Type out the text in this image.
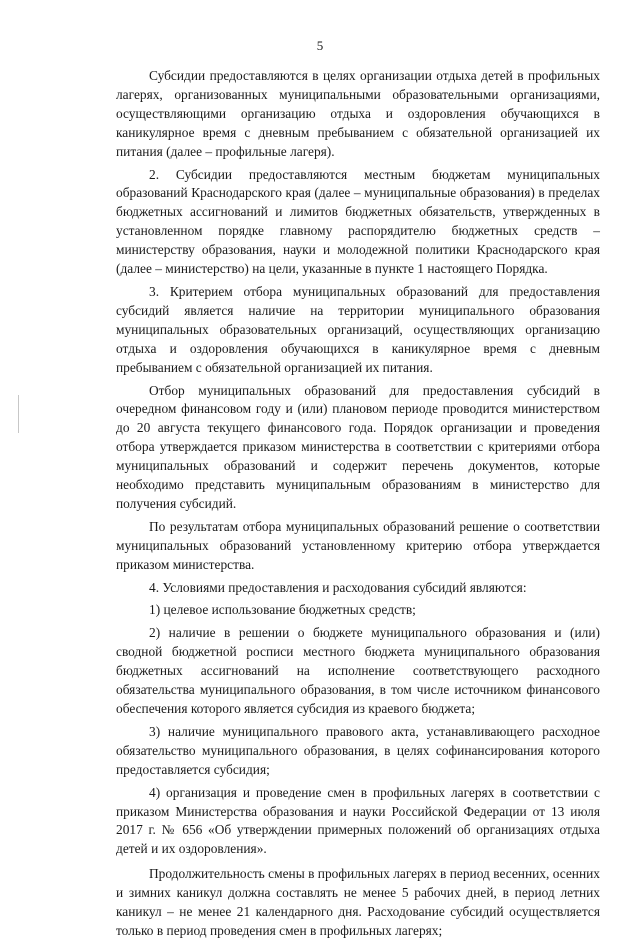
5

Субсидии предоставляются в целях организации отдыха детей в профильных лагерях, организованных муниципальными образовательными организациями, осуществляющими организацию отдыха и оздоровления обучающихся в каникулярное время с дневным пребыванием с обязательной организацией их питания (далее – профильные лагеря).

2. Субсидии предоставляются местным бюджетам муниципальных образований Краснодарского края (далее – муниципальные образования) в пределах бюджетных ассигнований и лимитов бюджетных обязательств, утвержденных в установленном порядке главному распорядителю бюджетных средств – министерству образования, науки и молодежной политики Краснодарского края (далее – министерство) на цели, указанные в пункте 1 настоящего Порядка.

3. Критерием отбора муниципальных образований для предоставления субсидий является наличие на территории муниципального образования муниципальных образовательных организаций, осуществляющих организацию отдыха и оздоровления обучающихся в каникулярное время с дневным пребыванием с обязательной организацией их питания.

Отбор муниципальных образований для предоставления субсидий в очередном финансовом году и (или) плановом периоде проводится министерством до 20 августа текущего финансового года. Порядок организации и проведения отбора утверждается приказом министерства в соответствии с критериями отбора муниципальных образований и содержит перечень документов, которые необходимо представить муниципальным образованиям в министерство для получения субсидий.

По результатам отбора муниципальных образований решение о соответствии муниципальных образований установленному критерию отбора утверждается приказом министерства.

4. Условиями предоставления и расходования субсидий являются:

1) целевое использование бюджетных средств;

2) наличие в решении о бюджете муниципального образования и (или) сводной бюджетной росписи местного бюджета муниципального образования бюджетных ассигнований на исполнение соответствующего расходного обязательства муниципального образования, в том числе источником финансового обеспечения которого является субсидия из краевого бюджета;

3) наличие муниципального правового акта, устанавливающего расходное обязательство муниципального образования, в целях софинансирования которого предоставляется субсидия;

4) организация и проведение смен в профильных лагерях в соответствии с приказом Министерства образования и науки Российской Федерации от 13 июля 2017 г. № 656 «Об утверждении примерных положений об организациях отдыха детей и их оздоровления».

Продолжительность смены в профильных лагерях в период весенних, осенних и зимних каникул должна составлять не менее 5 рабочих дней, в период летних каникул – не менее 21 календарного дня. Расходование субсидий осуществляется только в период проведения смен в профильных лагерях;
